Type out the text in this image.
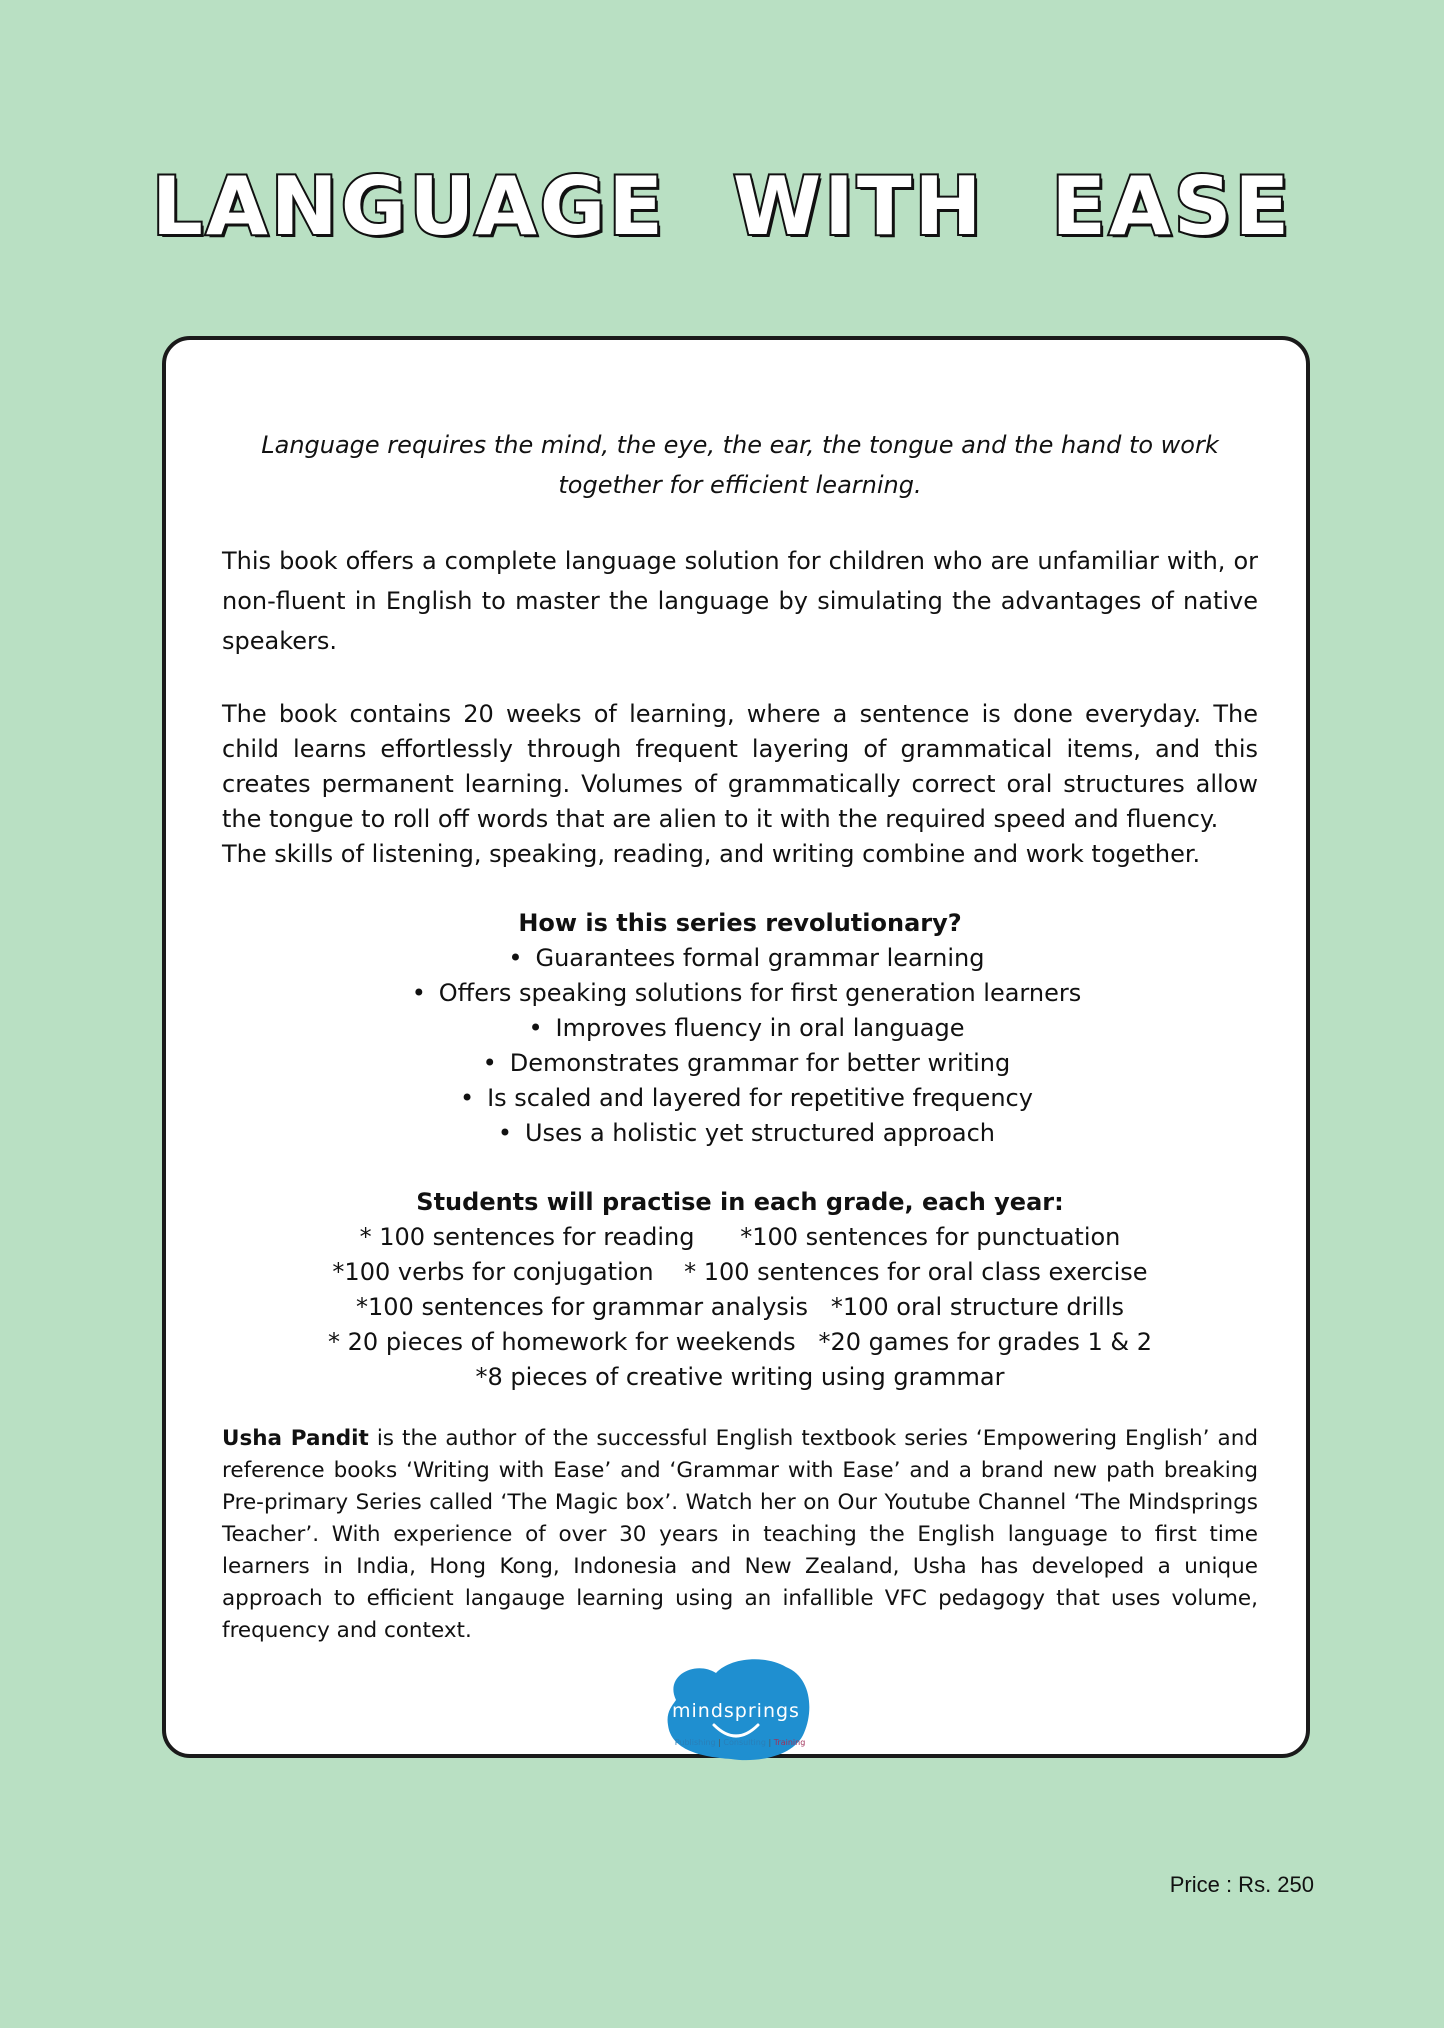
LANGUAGE WITH EASE

Language requires the mind, the eye, the ear, the tongue and the hand to work together for efficient learning.

This book offers a complete language solution for children who are unfamiliar with, or non-fluent in English to master the language by simulating the advantages of native speakers.

The book contains 20 weeks of learning, where a sentence is done everyday. The child learns effortlessly through frequent layering of grammatical items, and this creates permanent learning. Volumes of grammatically correct oral structures allow the tongue to roll off words that are alien to it with the required speed and fluency.

The skills of listening, speaking, reading, and writing combine and work together.

How is this series revolutionary?

• Guarantees formal grammar learning
• Offers speaking solutions for first generation learners
• Improves fluency in oral language
• Demonstrates grammar for better writing
• Is scaled and layered for repetitive frequency
• Uses a holistic yet structured approach

Students will practise in each grade, each year:

* 100 sentences for reading      *100 sentences for punctuation

*100 verbs for conjugation    * 100 sentences for oral class exercise

*100 sentences for grammar analysis   *100 oral structure drills

* 20 pieces of homework for weekends   *20 games for grades 1 & 2

*8 pieces of creative writing using grammar

Usha Pandit is the author of the successful English textbook series ‘Empowering English’ and reference books ‘Writing with Ease’ and ‘Grammar with Ease’ and a brand new path breaking Pre-primary Series called ‘The Magic box’. Watch her on Our Youtube Channel ‘The Mindsprings Teacher’. With experience of over 30 years in teaching the English language to first time learners in India, Hong Kong, Indonesia and New Zealand, Usha has developed a unique approach to efficient langauge learning using an infallible VFC pedagogy that uses volume, frequency and context.

mindsprings
Publishing | Consulting | Training
Price : Rs. 250
